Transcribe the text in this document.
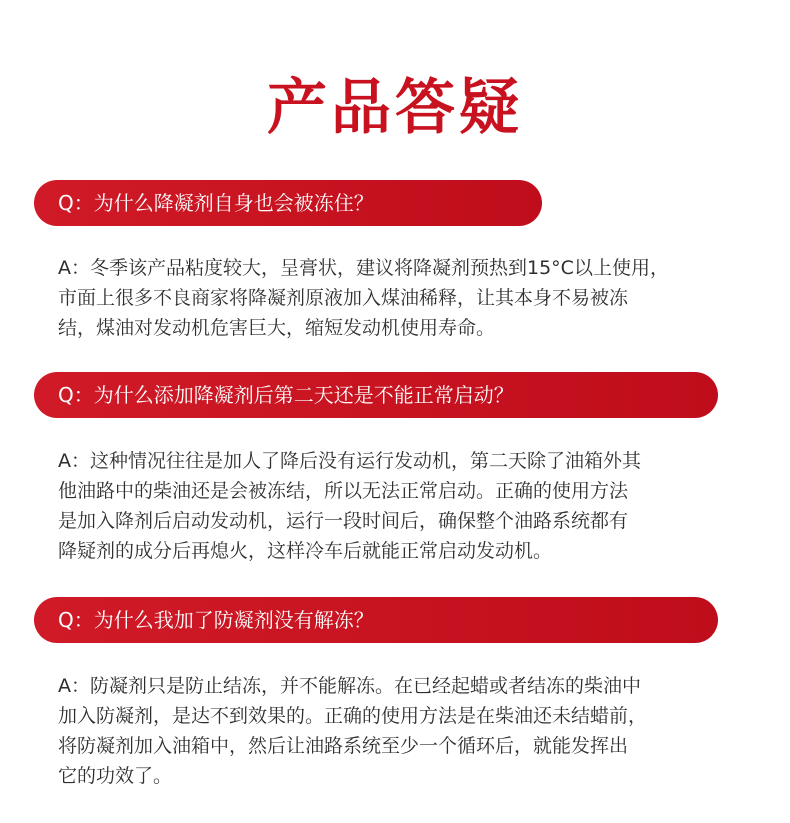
产品答疑
Q：为什么降凝剂自身也会被冻住？
A：冬季该产品粘度较大，呈膏状，建议将降凝剂预热到15°C以上使用，
市面上很多不良商家将降凝剂原液加入煤油稀释，让其本身不易被冻
结，煤油对发动机危害巨大，缩短发动机使用寿命。
Q：为什么添加降凝剂后第二天还是不能正常启动？
A：这种情况往往是加人了降后没有运行发动机，第二天除了油箱外其
他油路中的柴油还是会被冻结，所以无法正常启动。正确的使用方法
是加入降剂后启动发动机，运行一段时间后，确保整个油路系统都有
降疑剂的成分后再熄火，这样冷车后就能正常启动发动机。
Q：为什么我加了防凝剂没有解冻？
A：防凝剂只是防止结冻，并不能解冻。在已经起蜡或者结冻的柴油中
加入防凝剂，是达不到效果的。正确的使用方法是在柴油还未结蜡前，
将防凝剂加入油箱中，然后让油路系统至少一个循环后，就能发挥出
它的功效了。
